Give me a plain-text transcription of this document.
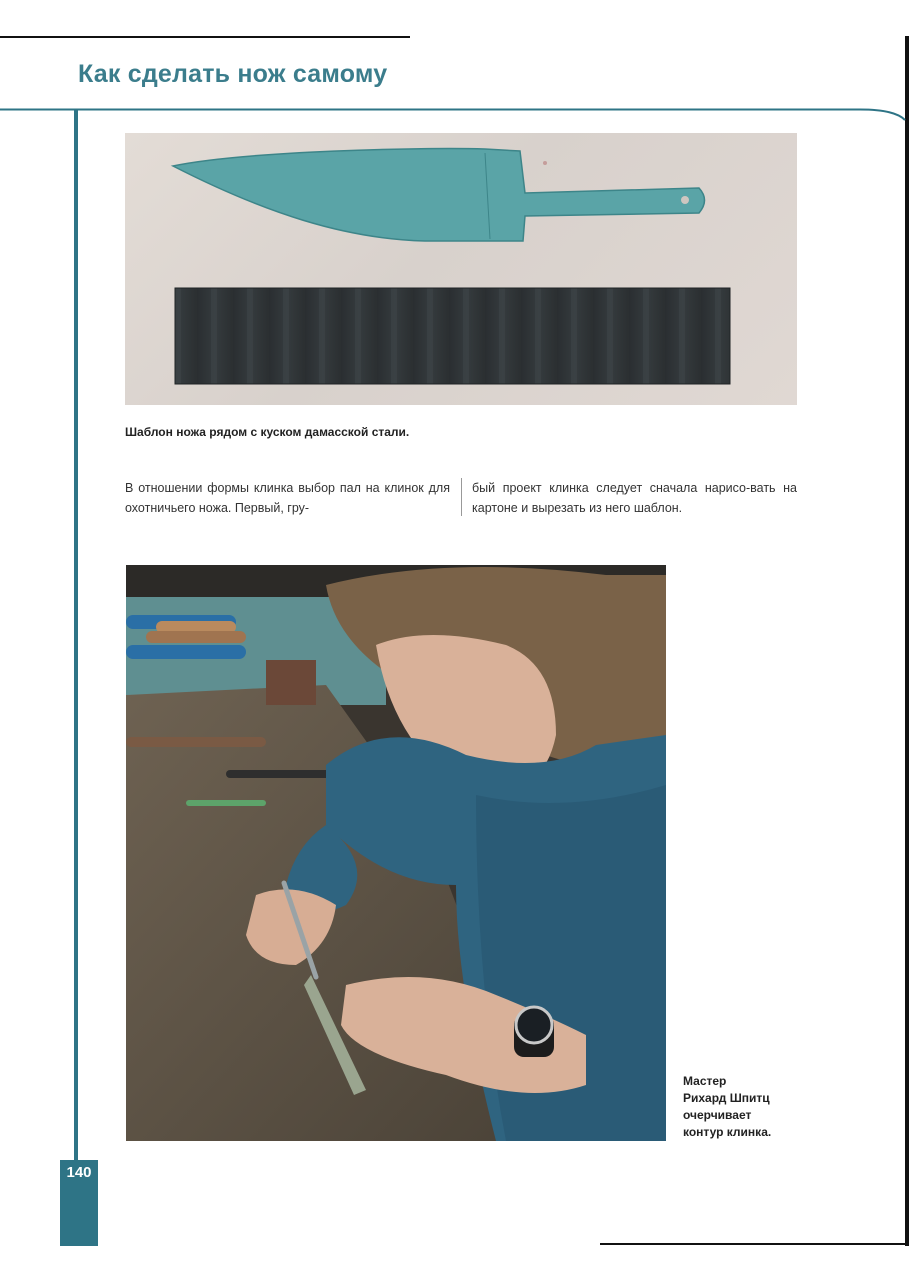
Как сделать нож самому
140

Шаблон ножа рядом с куском дамасской стали.

В отношении формы клинка выбор пал на клинок для охотничьего ножа. Первый, гру-
бый проект клинка следует сначала нарисо-вать на картоне и вырезать из него шаблон.
Мастер
Рихард Шпитц
очерчивает
контур клинка.
